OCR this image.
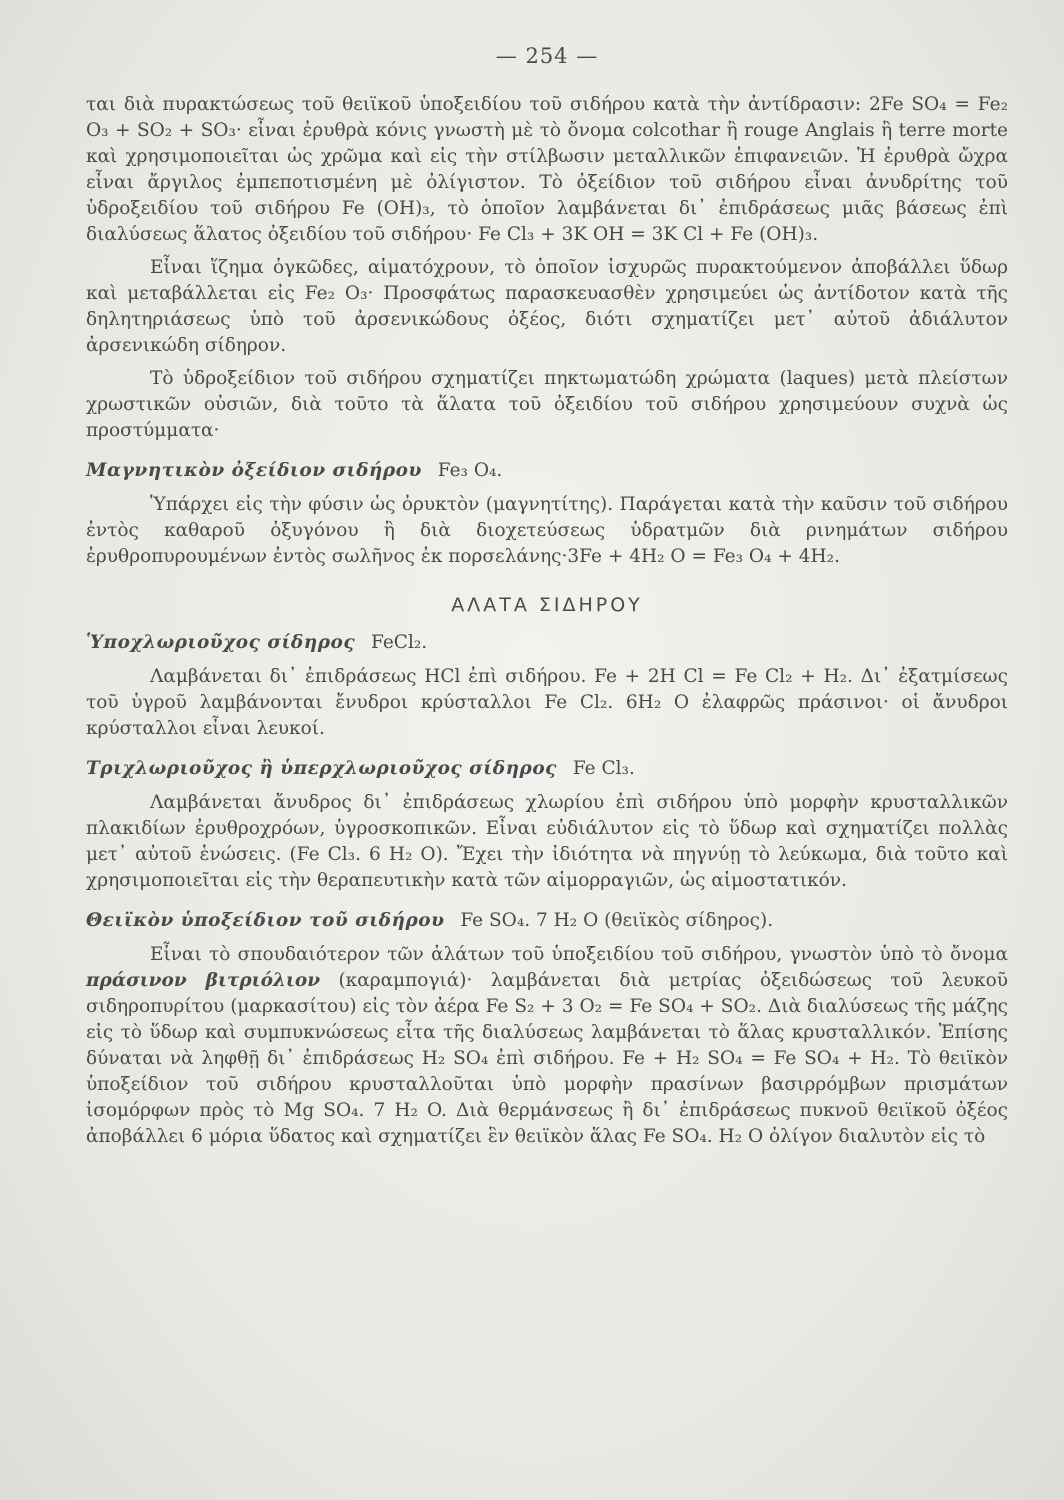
— 254 —

ται διὰ πυρακτώσεως τοῦ θειϊκοῦ ὑποξειδίου τοῦ σιδήρου κατὰ τὴν ἀντίδρασιν: 2Fe SO₄ = Fe₂ O₃ + SO₂ + SO₃· εἶναι ἐρυθρὰ κόνις γνωστὴ μὲ τὸ ὄνομα colcothar ἢ rouge Anglais ἢ terre morte καὶ χρησιμοποιεῖται ὡς χρῶμα καὶ εἰς τὴν στίλβωσιν μεταλλικῶν ἐπιφανειῶν. Ἡ ἐρυθρὰ ὤχρα εἶναι ἄργιλος ἐμπεποτισμένη μὲ ὀλίγιστον. Τὸ ὀξείδιον τοῦ σιδήρου εἶναι ἀνυδρίτης τοῦ ὑδροξειδίου τοῦ σιδήρου Fe (OH)₃, τὸ ὁποῖον λαμβάνεται δι᾽ ἐπιδράσεως μιᾶς βάσεως ἐπὶ διαλύσεως ἅλατος ὀξειδίου τοῦ σιδήρου· Fe Cl₃ + 3K OH = 3K Cl + Fe (OH)₃.

Εἶναι ἵζημα ὀγκῶδες, αἱματόχρουν, τὸ ὁποῖον ἰσχυρῶς πυρακτούμενον ἀποβάλλει ὕδωρ καὶ μεταβάλλεται εἰς Fe₂ O₃· Προσφάτως παρασκευασθὲν χρησιμεύει ὡς ἀντίδοτον κατὰ τῆς δηλητηριάσεως ὑπὸ τοῦ ἀρσενικώδους ὀξέος, διότι σχηματίζει μετ᾽ αὐτοῦ ἀδιάλυτον ἀρσενικώδη σίδηρον.

Τὸ ὑδροξείδιον τοῦ σιδήρου σχηματίζει πηκτωματώδη χρώματα (laques) μετὰ πλείστων χρωστικῶν οὐσιῶν, διὰ τοῦτο τὰ ἅλατα τοῦ ὀξειδίου τοῦ σιδήρου χρησιμεύουν συχνὰ ὡς προστύμματα·

Μαγνητικὸν ὀξείδιον σιδήρου Fe₃ O₄.

Ὑπάρχει εἰς τὴν φύσιν ὡς ὀρυκτὸν (μαγνητίτης). Παράγεται κατὰ τὴν καῦσιν τοῦ σιδήρου ἐντὸς καθαροῦ ὀξυγόνου ἢ διὰ διοχετεύσεως ὑδρατμῶν διὰ ρινημάτων σιδήρου ἐρυθροπυρουμένων ἐντὸς σωλῆνος ἐκ πορσελάνης·3Fe + 4H₂ O = Fe₃ O₄ + 4H₂.

ΑΛΑΤΑ ΣΙΔΗΡΟΥ
Ὑποχλωριοῦχος σίδηρος FeCl₂.

Λαμβάνεται δι᾽ ἐπιδράσεως HCl ἐπὶ σιδήρου. Fe + 2H Cl = Fe Cl₂ + H₂. Δι᾽ ἐξατμίσεως τοῦ ὑγροῦ λαμβάνονται ἔνυδροι κρύσταλλοι Fe Cl₂. 6H₂ O ἐλαφρῶς πράσινοι· οἱ ἄνυδροι κρύσταλλοι εἶναι λευκοί.

Τριχλωριοῦχος ἢ ὑπερχλωριοῦχος σίδηρος Fe Cl₃.

Λαμβάνεται ἄνυδρος δι᾽ ἐπιδράσεως χλωρίου ἐπὶ σιδήρου ὑπὸ μορφὴν κρυσταλλικῶν πλακιδίων ἐρυθροχρόων, ὑγροσκοπικῶν. Εἶναι εὐδιάλυτον εἰς τὸ ὕδωρ καὶ σχηματίζει πολλὰς μετ᾽ αὐτοῦ ἑνώσεις. (Fe Cl₃. 6 H₂ O). Ἔχει τὴν ἰδιότητα νὰ πηγνύῃ τὸ λεύκωμα, διὰ τοῦτο καὶ χρησιμοποιεῖται εἰς τὴν θεραπευτικὴν κατὰ τῶν αἱμορραγιῶν, ὡς αἱμοστατικόν.

Θειϊκὸν ὑποξείδιον τοῦ σιδήρου Fe SO₄. 7 H₂ O (θειϊκὸς σίδηρος).

Εἶναι τὸ σπουδαιότερον τῶν ἁλάτων τοῦ ὑποξειδίου τοῦ σιδήρου, γνωστὸν ὑπὸ τὸ ὄνομα πράσινον βιτριόλιον (καραμπογιά)· λαμβάνεται διὰ μετρίας ὀξειδώσεως τοῦ λευκοῦ σιδηροπυρίτου (μαρκασίτου) εἰς τὸν ἀέρα Fe S₂ + 3 O₂ = Fe SO₄ + SO₂. Διὰ διαλύσεως τῆς μάζης εἰς τὸ ὕδωρ καὶ συμπυκνώσεως εἶτα τῆς διαλύσεως λαμβάνεται τὸ ἅλας κρυσταλλικόν. Ἐπίσης δύναται νὰ ληφθῇ δι᾽ ἐπιδράσεως H₂ SO₄ ἐπὶ σιδήρου. Fe + H₂ SO₄ = Fe SO₄ + H₂. Τὸ θειϊκὸν ὑποξείδιον τοῦ σιδήρου κρυσταλλοῦται ὑπὸ μορφὴν πρασίνων βασιρρόμβων πρισμάτων ἰσομόρφων πρὸς τὸ Mg SO₄. 7 H₂ O. Διὰ θερμάνσεως ἢ δι᾽ ἐπιδράσεως πυκνοῦ θειϊκοῦ ὀξέος ἀποβάλλει 6 μόρια ὕδατος καὶ σχηματίζει ἓν θειϊκὸν ἅλας Fe SO₄. H₂ O ὀλίγον διαλυτὸν εἰς τὸ
